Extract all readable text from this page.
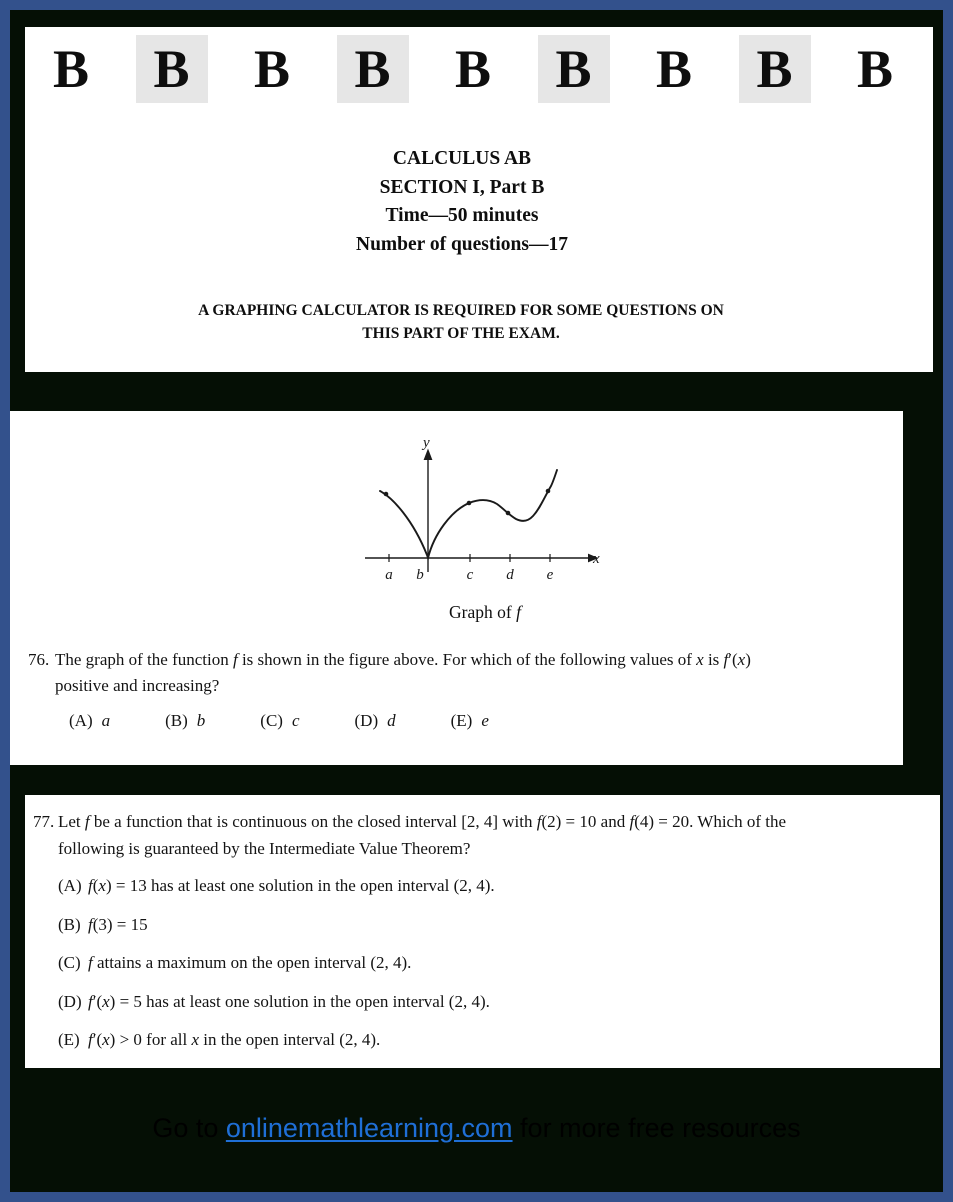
B	B	B	B	B	B	B	B	B
CALCULUS AB
SECTION I, Part B
Time—50 minutes
Number of questions—17
A GRAPHING CALCULATOR IS REQUIRED FOR SOME QUESTIONS ON
THIS PART OF THE EXAM.
x
y
a b	c d e
Graph of f
76. The graph of the function f is shown in the figure above. For which of the following values of x is f′(x)
positive and increasing?
(A) a	(B) b	(C) c	(D) d	(E) e
77. Let f be a function that is continuous on the closed interval [2, 4] with f(2) = 10 and f(4) = 20. Which of the
following is guaranteed by the Intermediate Value Theorem?
(A) f(x) = 13 has at least one solution in the open interval (2, 4).
(B) f(3) = 15
(C) f attains a maximum on the open interval (2, 4).
(D) f′(x) = 5 has at least one solution in the open interval (2, 4).
(E) f′(x) > 0 for all x in the open interval (2, 4).
Go to onlinemathlearning.com for more free resources
